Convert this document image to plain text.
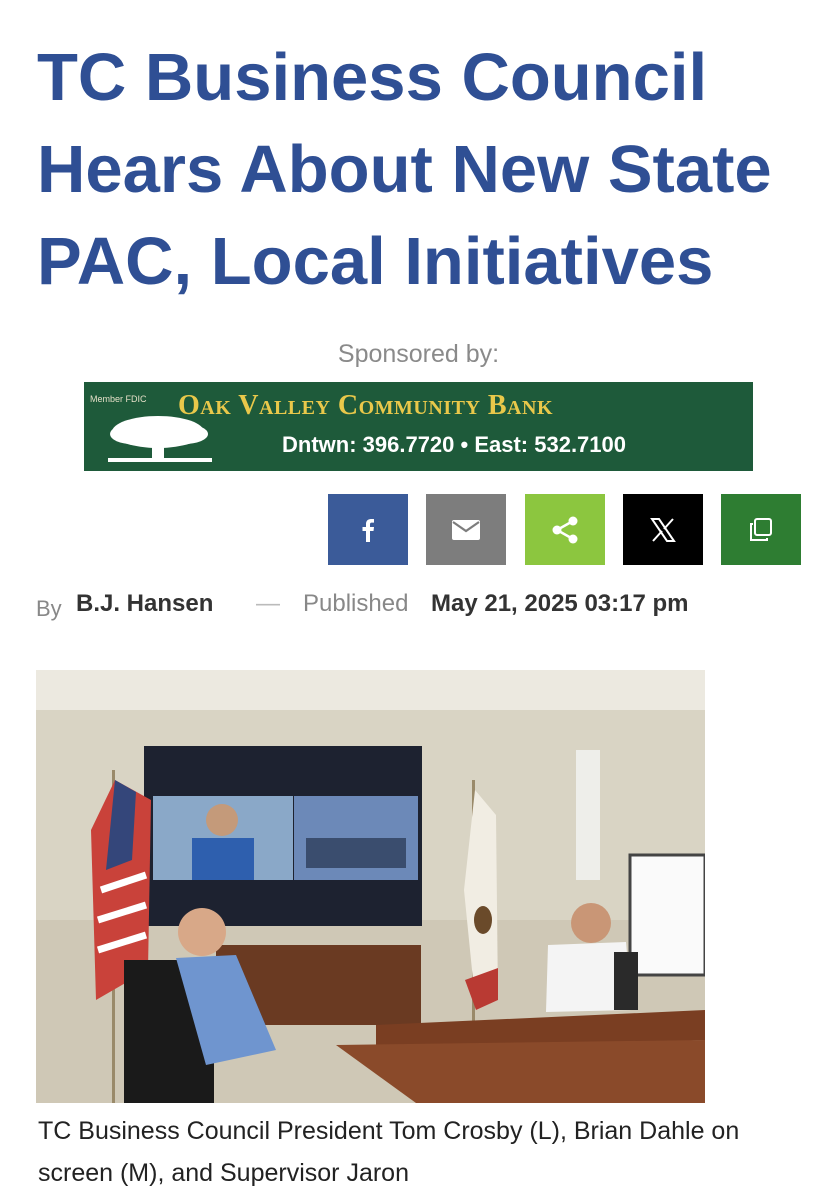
TC Business Council Hears About New State PAC, Local Initiatives
Sponsored by:
Member FDIC Oak Valley Community Bank
Dntwn: 396.7720 • East: 532.7100
By B.J. Hansen — Published May 21, 2025 03:17 pm
TC Business Council President Tom Crosby (L), Brian Dahle on screen (M), and Supervisor Jaron
